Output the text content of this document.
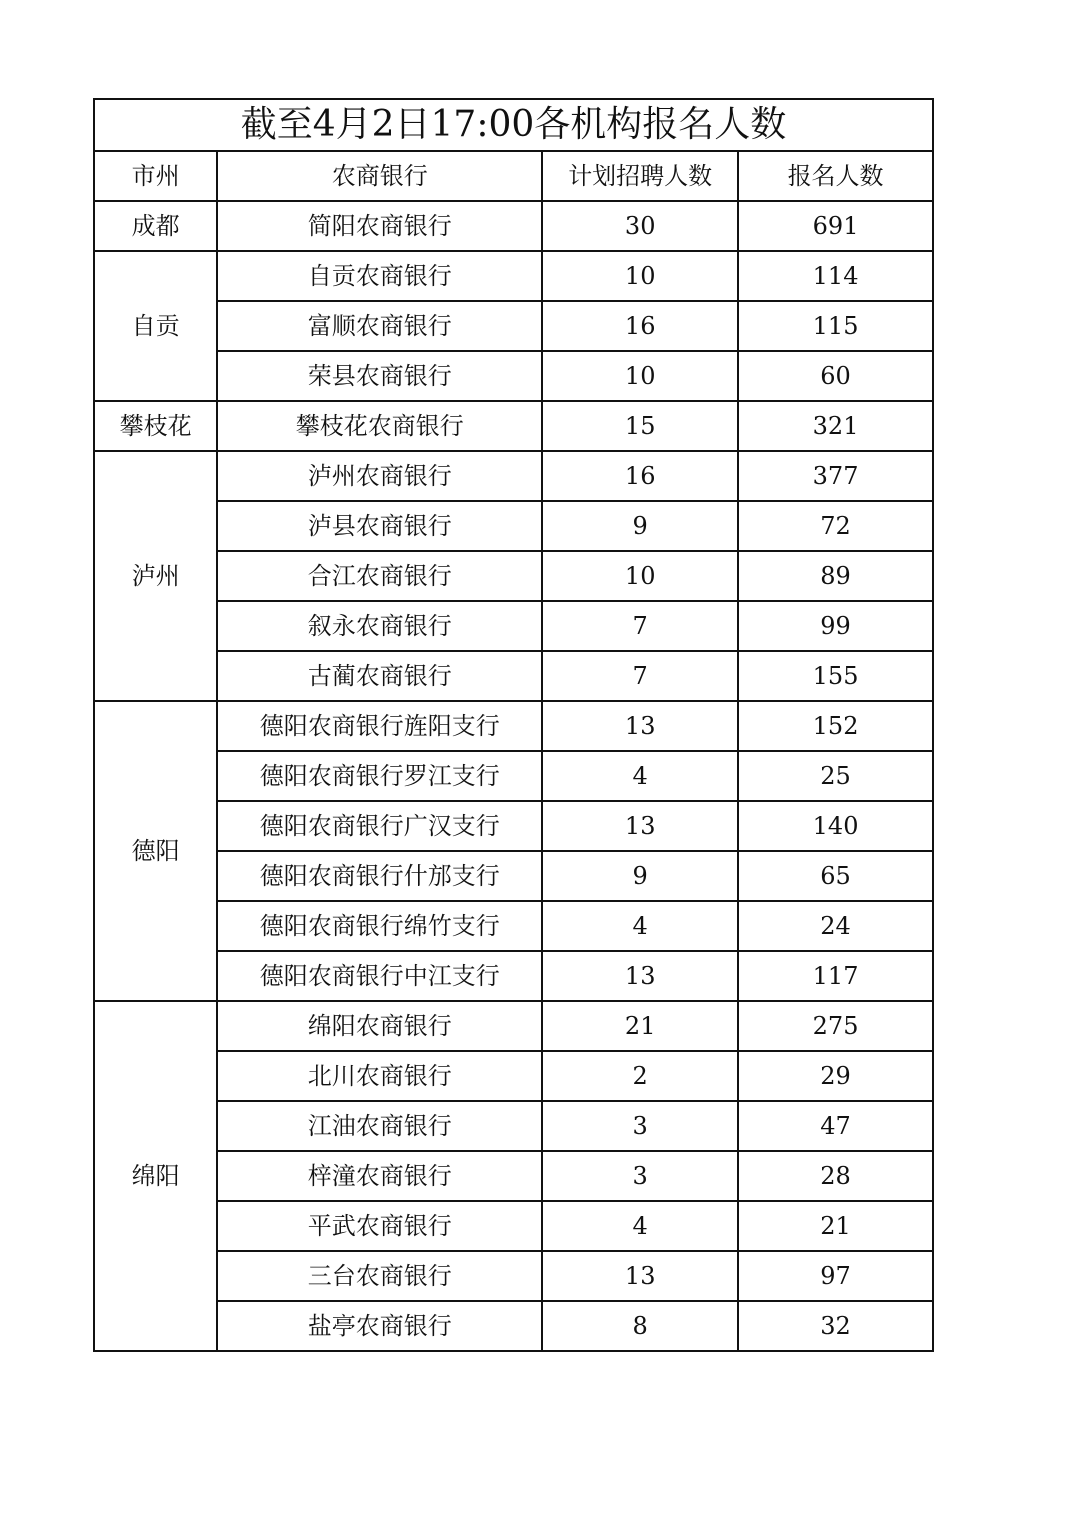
截至4月2日17:00各机构报名人数			
市州	农商银行	计划招聘人数	报名人数
成都	简阳农商银行	30	691
自贡	自贡农商银行	10	114
	富顺农商银行	16	115
	荣县农商银行	10	60
攀枝花	攀枝花农商银行	15	321
泸州	泸州农商银行	16	377
	泸县农商银行	9	72
	合江农商银行	10	89
	叙永农商银行	7	99
	古蔺农商银行	7	155
德阳	德阳农商银行旌阳支行	13	152
	德阳农商银行罗江支行	4	25
	德阳农商银行广汉支行	13	140
	德阳农商银行什邡支行	9	65
	德阳农商银行绵竹支行	4	24
	德阳农商银行中江支行	13	117
绵阳	绵阳农商银行	21	275
	北川农商银行	2	29
	江油农商银行	3	47
	梓潼农商银行	3	28
	平武农商银行	4	21
	三台农商银行	13	97
	盐亭农商银行	8	32
